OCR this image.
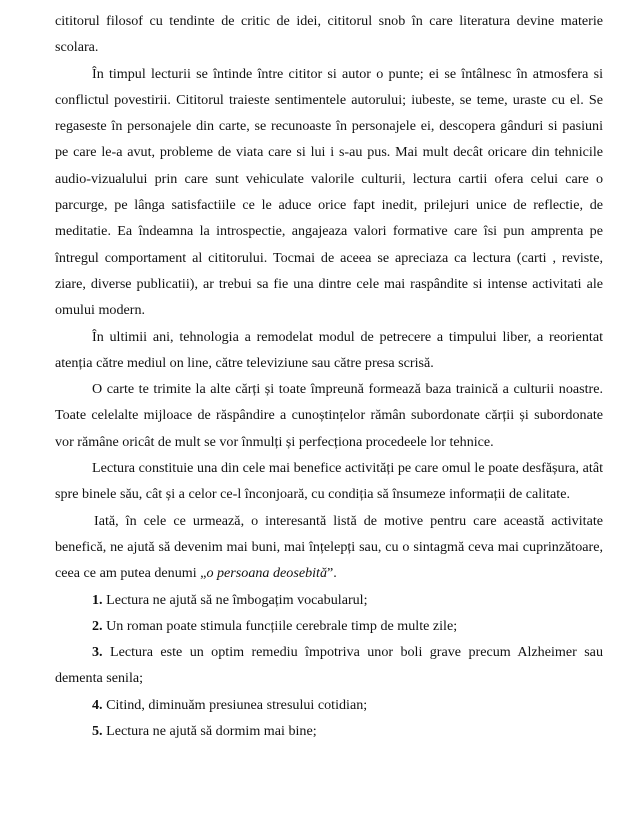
cititorul filosof cu tendinte de critic de idei, cititorul snob în care literatura devine materie scolara.

În timpul lecturii se întinde între cititor si autor o punte; ei se întâlnesc în atmosfera si conflictul povestirii. Cititorul traieste sentimentele autorului; iubeste, se teme, uraste cu el. Se regaseste în personajele din carte, se recunoaste în personajele ei, descopera gânduri si pasiuni pe care le-a avut, probleme de viata care si lui i s-au pus. Mai mult decât oricare din tehnicile audio-vizualului prin care sunt vehiculate valorile culturii, lectura cartii ofera celui care o parcurge, pe lânga satisfactiile ce le aduce orice fapt inedit, prilejuri unice de reflectie, de meditatie. Ea îndeamna la introspectie, angajeaza valori formative care îsi pun amprenta pe întregul comportament al cititorului. Tocmai de aceea se apreciaza ca lectura (carti , reviste, ziare, diverse publicatii), ar trebui sa fie una dintre cele mai raspândite si intense activitati ale omului modern.

În ultimii ani, tehnologia a remodelat modul de petrecere a timpului liber, a reorientat atenția către mediul on line, către televiziune sau către presa scrisă.

O carte te trimite la alte cărți și toate împreună formează baza trainică a culturii noastre. Toate celelalte mijloace de răspândire a cunoștințelor rămân subordonate cărții și subordonate vor rămâne oricât de mult se vor înmulți și perfecționa procedeele lor tehnice.

Lectura constituie una din cele mai benefice activități pe care omul le poate desfășura, atât spre binele său, cât și a celor ce-l înconjoară, cu condiția să însumeze informații de calitate.

Iată, în cele ce urmează, o interesantă listă de motive pentru care această activitate benefică, ne ajută să devenim mai buni, mai înțelepți sau, cu o sintagmă ceva mai cuprinzătoare, ceea ce am putea denumi „o persoana deosebită”.

1. Lectura ne ajută să ne îmbogațim vocabularul;

2. Un roman poate stimula funcțiile cerebrale timp de multe zile;

3. Lectura este un optim remediu împotriva unor boli grave precum Alzheimer sau dementa senila;

4. Citind, diminuăm presiunea stresului cotidian;

5. Lectura ne ajută să dormim mai bine;
